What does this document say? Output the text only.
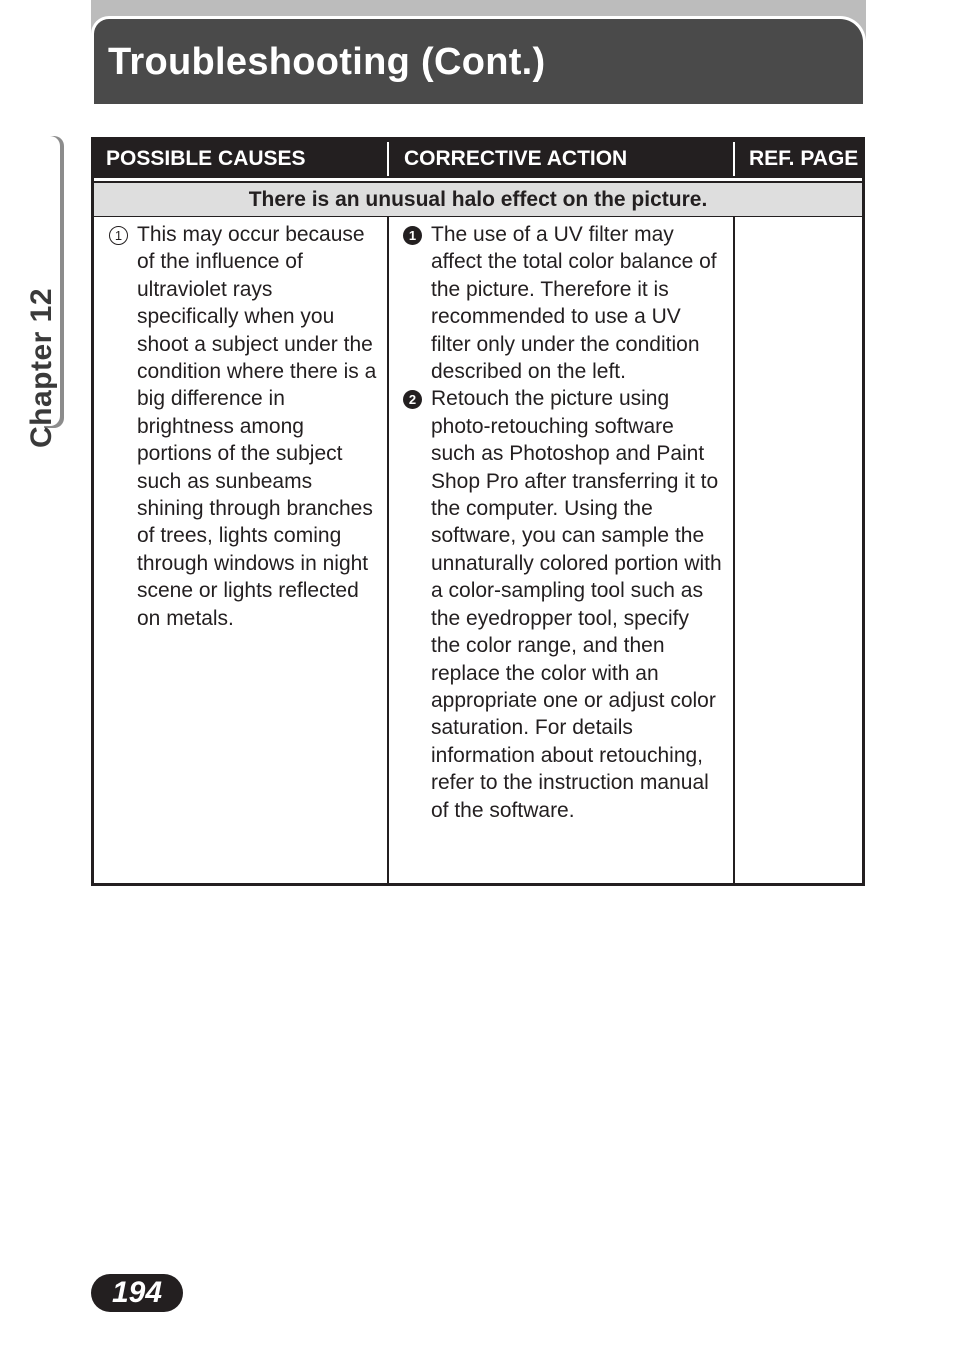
Troubleshooting (Cont.)
Chapter 12
POSSIBLE CAUSES	CORRECTIVE ACTION	REF. PAGE
There is an unusual halo effect on the picture.
1 This may occur because of the influence of ultraviolet rays specifically when you shoot a subject under the condition where there is a big difference in brightness among portions of the subject such as sunbeams shining through branches of trees, lights coming through windows in night scene or lights reflected on metals.
1 The use of a UV filter may affect the total color balance of the picture. Therefore it is recommended to use a UV filter only under the condition described on the left.
2 Retouch the picture using photo-retouching software such as Photoshop and Paint Shop Pro after transferring it to the computer. Using the software, you can sample the unnaturally colored portion with a color-sampling tool such as the eyedropper tool, specify the color range, and then replace the color with an appropriate one or adjust color saturation. For details information about retouching, refer to the instruction manual of the software.
194
